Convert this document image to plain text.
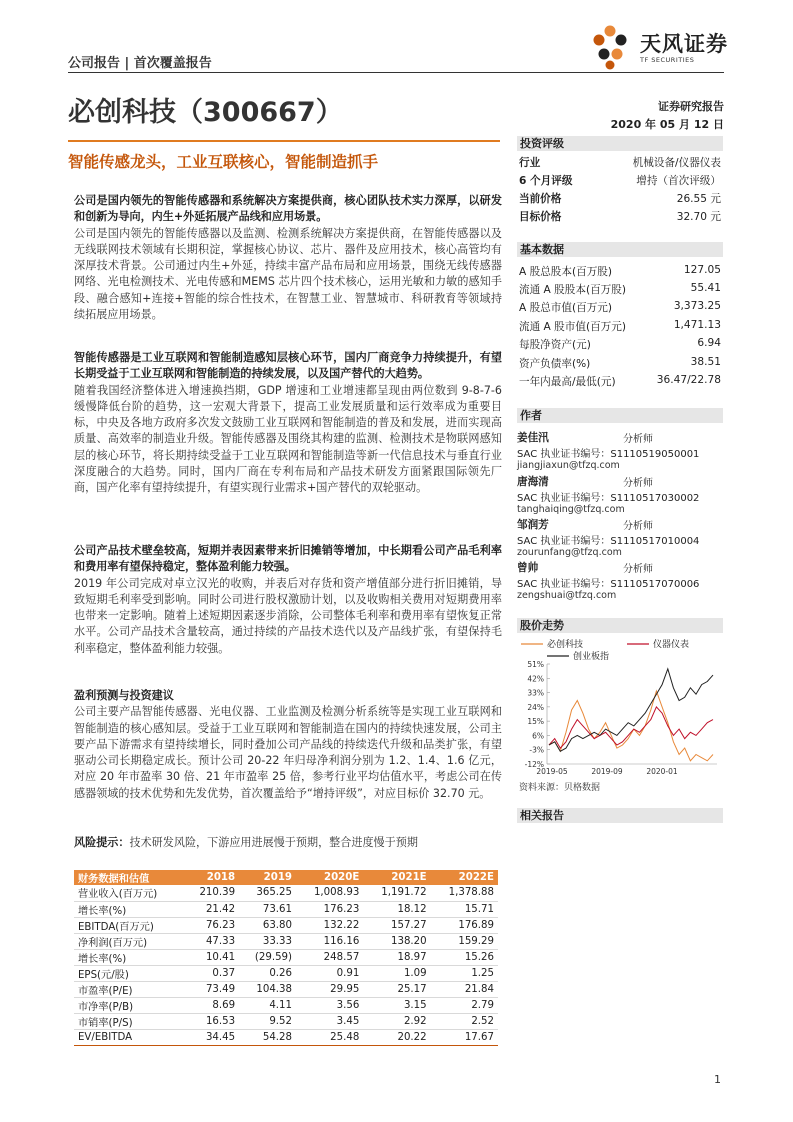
公司报告 | 首次覆盖报告
天风证券
TF SECURITIES
必创科技（300667）	证券研究报告
2020 年 05 月 12 日
智能传感龙头，工业互联核心，智能制造抓手
公司是国内领先的智能传感器和系统解决方案提供商，核心团队技术实力深厚，以研发和创新为导向，内生+外延拓展产品线和应用场景。
公司是国内领先的智能传感器以及监测、检测系统解决方案提供商，在智能传感器以及无线联网技术领域有长期积淀，掌握核心协议、芯片、器件及应用技术，核心高管均有深厚技术背景。公司通过内生+外延，持续丰富产品布局和应用场景，围绕无线传感器网络、光电检测技术、光电传感和MEMS 芯片四个技术核心，运用光敏和力敏的感知手段、融合感知+连接+智能的综合性技术，在智慧工业、智慧城市、科研教育等领域持续拓展应用场景。
智能传感器是工业互联网和智能制造感知层核心环节，国内厂商竞争力持续提升，有望长期受益于工业互联网和智能制造的持续发展，以及国产替代的大趋势。
随着我国经济整体进入增速换挡期，GDP 增速和工业增速都呈现由两位数到 9-8-7-6 缓慢降低台阶的趋势，这一宏观大背景下，提高工业发展质量和运行效率成为重要目标，中央及各地方政府多次发文鼓励工业互联网和智能制造的普及和发展，进而实现高质量、高效率的制造业升级。智能传感器及围绕其构建的监测、检测技术是物联网感知层的核心环节，将长期持续受益于工业互联网和智能制造等新一代信息技术与垂直行业深度融合的大趋势。同时，国内厂商在专利布局和产品技术研发方面紧跟国际领先厂商，国产化率有望持续提升，有望实现行业需求+国产替代的双轮驱动。
公司产品技术壁垒较高，短期并表因素带来折旧摊销等增加，中长期看公司产品毛利率和费用率有望保持稳定，整体盈利能力较强。
2019 年公司完成对卓立汉光的收购，并表后对存货和资产增值部分进行折旧摊销，导致短期毛利率受到影响。同时公司进行股权激励计划，以及收购相关费用对短期费用率也带来一定影响。随着上述短期因素逐步消除，公司整体毛利率和费用率有望恢复正常水平。公司产品技术含量较高，通过持续的产品技术迭代以及产品线扩张，有望保持毛利率稳定，整体盈利能力较强。
盈利预测与投资建议
公司主要产品智能传感器、光电仪器、工业监测及检测分析系统等是实现工业互联网和智能制造的核心感知层。受益于工业互联网和智能制造在国内的持续快速发展，公司主要产品下游需求有望持续增长，同时叠加公司产品线的持续迭代升级和品类扩张，有望驱动公司长期稳定成长。预计公司 20-22 年归母净利润分别为 1.2、1.4、1.6 亿元，对应 20 年市盈率 30 倍、21 年市盈率 25 倍，参考行业平均估值水平，考虑公司在传感器领域的技术优势和先发优势，首次覆盖给予“增持评级”，对应目标价 32.70 元。
风险提示：技术研发风险，下游应用进展慢于预期，整合进度慢于预期
财务数据和估值	2018	2019	2020E	2021E	2022E
营业收入(百万元)	210.39	365.25	1,008.93	1,191.72	1,378.88
增长率(%)	21.42	73.61	176.23	18.12	15.71
EBITDA(百万元)	76.23	63.80	132.22	157.27	176.89
净利润(百万元)	47.33	33.33	116.16	138.20	159.29
增长率(%)	10.41	(29.59)	248.57	18.97	15.26
EPS(元/股)	0.37	0.26	0.91	1.09	1.25
市盈率(P/E)	73.49	104.38	29.95	25.17	21.84
市净率(P/B)	8.69	4.11	3.56	3.15	2.79
市销率(P/S)	16.53	9.52	3.45	2.92	2.52
EV/EBITDA	34.45	54.28	25.48	20.22	17.67
投资评级
行业	机械设备/仪器仪表
6 个月评级	增持（首次评级）
当前价格	26.55 元
目标价格	32.70 元
基本数据
A 股总股本(百万股)	127.05
流通 A 股股本(百万股)	55.41
A 股总市值(百万元)	3,373.25
流通 A 股市值(百万元)	1,471.13
每股净资产(元)	6.94
资产负债率(%)	38.51
一年内最高/最低(元)	36.47/22.78
作者
姜佳汛	分析师
SAC 执业证书编号：S1110519050001
jiangjiaxun@tfzq.com
唐海清	分析师
SAC 执业证书编号：S1110517030002
tanghaiqing@tfzq.com
邹润芳	分析师
SAC 执业证书编号：S1110517010004
zourunfang@tfzq.com
曾帅	分析师
SAC 执业证书编号：S1110517070006
zengshuai@tfzq.com
股价走势
必创科技	仪器仪表
创业板指
51%
42%
33%
24%
15%
6%
-3%
-12%
2019-05	2019-09	2020-01
资料来源：贝格数据
相关报告
1
